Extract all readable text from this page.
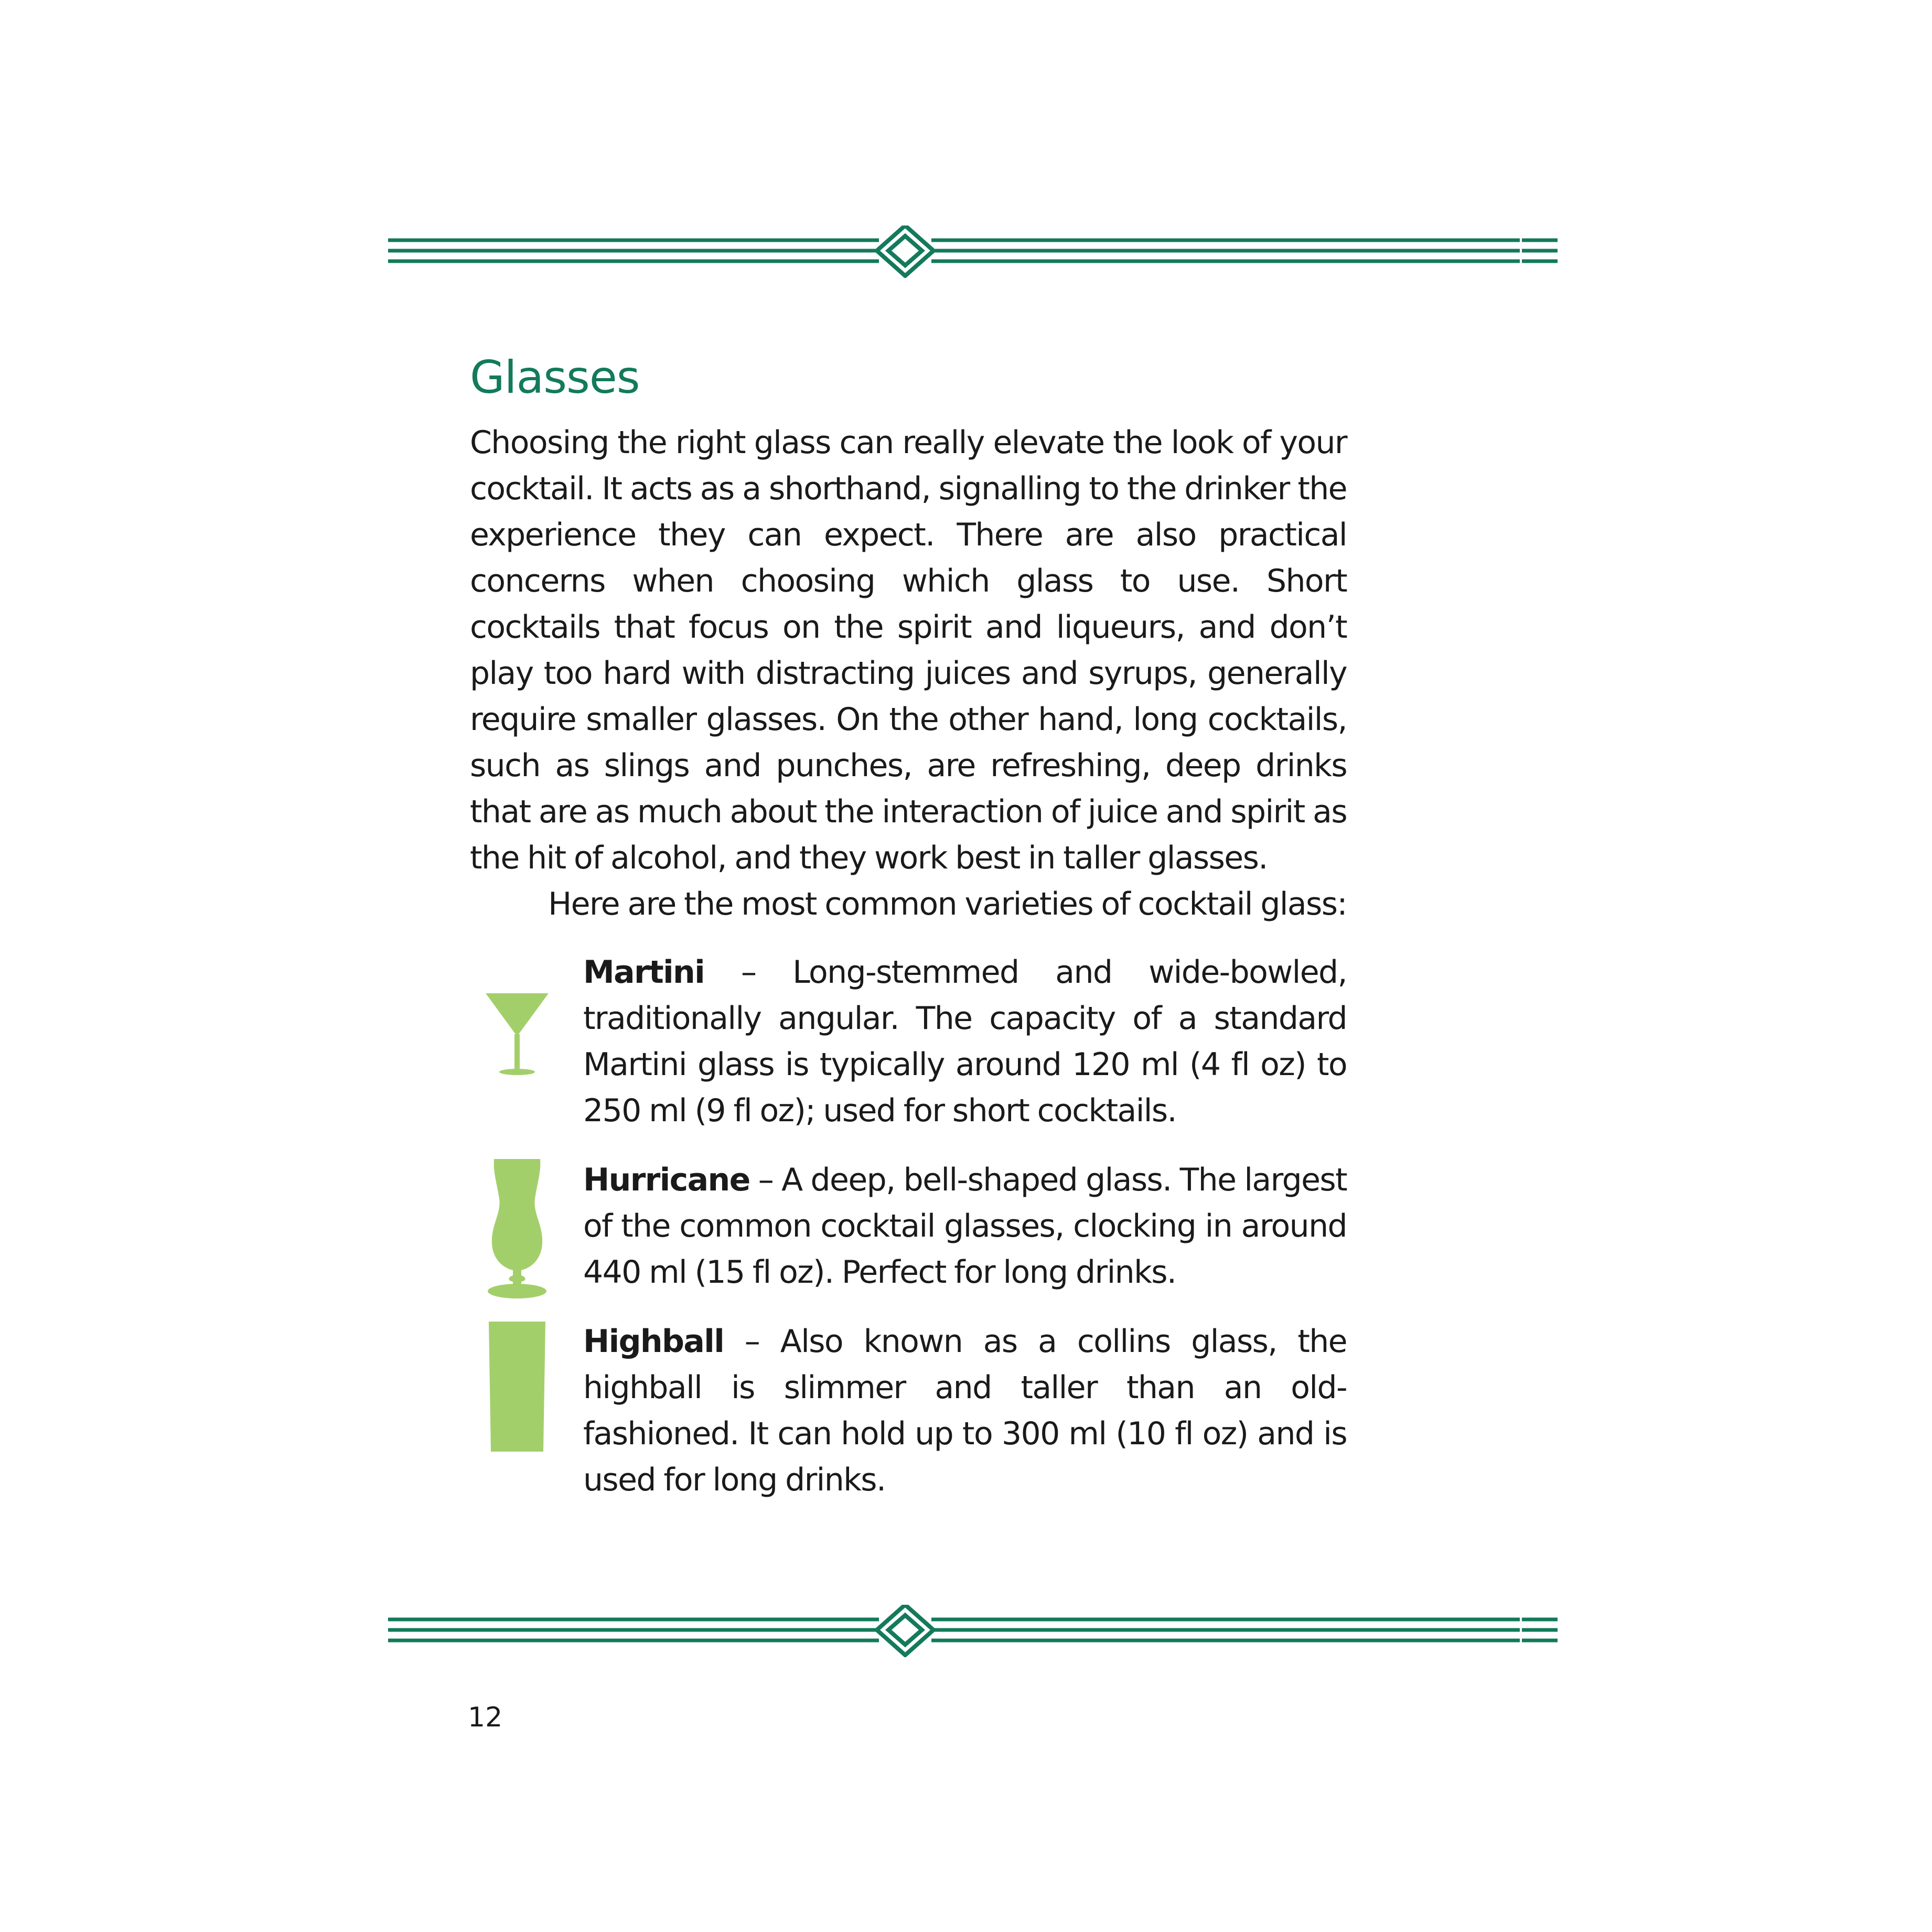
Glasses

Choosing the right glass can really elevate the look of your cocktail. It acts as a shorthand, signalling to the drinker the experience they can expect. There are also practical concerns when choosing which glass to use. Short cocktails that focus on the spirit and liqueurs, and don’t play too hard with distracting juices and syrups, generally require smaller glasses. On the other hand, long cocktails, such as slings and punches, are refreshing, deep drinks that are as much about the interaction of juice and spirit as the hit of alcohol, and they work best in taller glasses.

Here are the most common varieties of cocktail glass:

Martini – Long-stemmed and wide-bowled, traditionally angular. The capacity of a standard Martini glass is typically around 120 ml (4 fl oz) to 250 ml (9 fl oz); used for short cocktails.

Hurricane – A deep, bell-shaped glass. The largest of the common cocktail glasses, clocking in around 440 ml (15 fl oz). Perfect for long drinks.

Highball – Also known as a collins glass, the highball is slimmer and taller than an old-fashioned. It can hold up to 300 ml (10 fl oz) and is used for long drinks.

12
